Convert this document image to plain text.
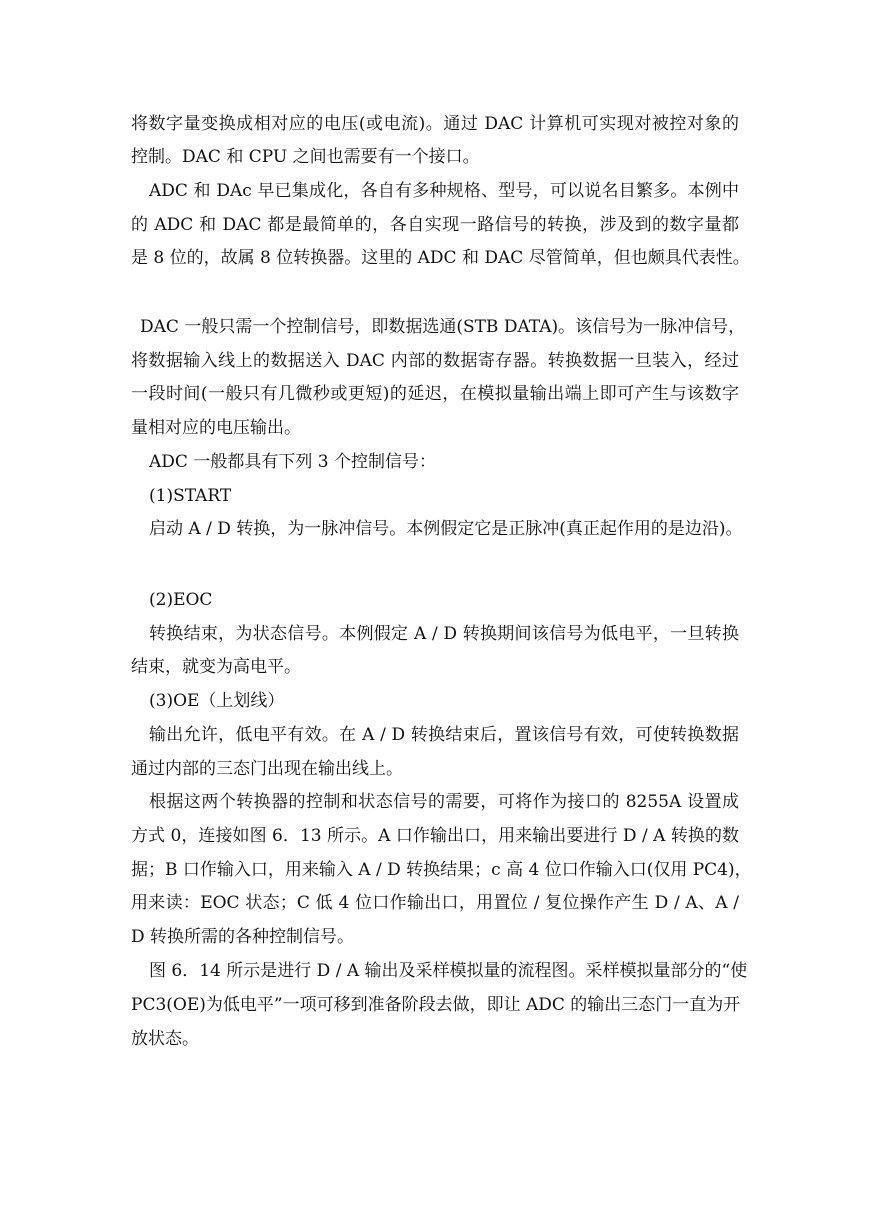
将数字量变换成相对应的电压(或电流)。通过 DAC 计算机可实现对被控对象的

控制。DAC 和 CPU 之间也需要有一个接口。

ADC 和 DAc 早已集成化，各自有多种规格、型号，可以说名目繁多。本例中

的 ADC 和 DAC 都是最简单的，各自实现一路信号的转换，涉及到的数字量都

是 8 位的，故属 8 位转换器。这里的 ADC 和 DAC 尽管简单，但也颇具代表性。

DAC 一般只需一个控制信号，即数据选通(STB DATA)。该信号为一脉冲信号，

将数据输入线上的数据送入 DAC 内部的数据寄存器。转换数据一旦装入，经过

一段时间(一般只有几微秒或更短)的延迟，在模拟量输出端上即可产生与该数字

量相对应的电压输出。

ADC 一般都具有下列 3 个控制信号：

(1)START

启动 A / D 转换，为一脉冲信号。本例假定它是正脉冲(真正起作用的是边沿)。

(2)EOC

转换结束，为状态信号。本例假定 A / D 转换期间该信号为低电平，一旦转换

结束，就变为高电平。

(3)OE（上划线）

输出允许，低电平有效。在 A / D 转换结束后，置该信号有效，可使转换数据

通过内部的三态门出现在输出线上。

根据这两个转换器的控制和状态信号的需要，可将作为接口的 8255A 设置成

方式 0，连接如图 6．13 所示。A 口作输出口，用来输出要进行 D / A 转换的数

据；B 口作输入口，用来输入 A / D 转换结果；c 高 4 位口作输入口(仅用 PC4)，

用来读：EOC 状态；C 低 4 位口作输出口，用置位 / 复位操作产生 D / A、A /

D 转换所需的各种控制信号。

图 6．14 所示是进行 D / A 输出及采样模拟量的流程图。采样模拟量部分的“使

PC3(OE)为低电平”一项可移到准备阶段去做，即让 ADC 的输出三态门一直为开

放状态。
